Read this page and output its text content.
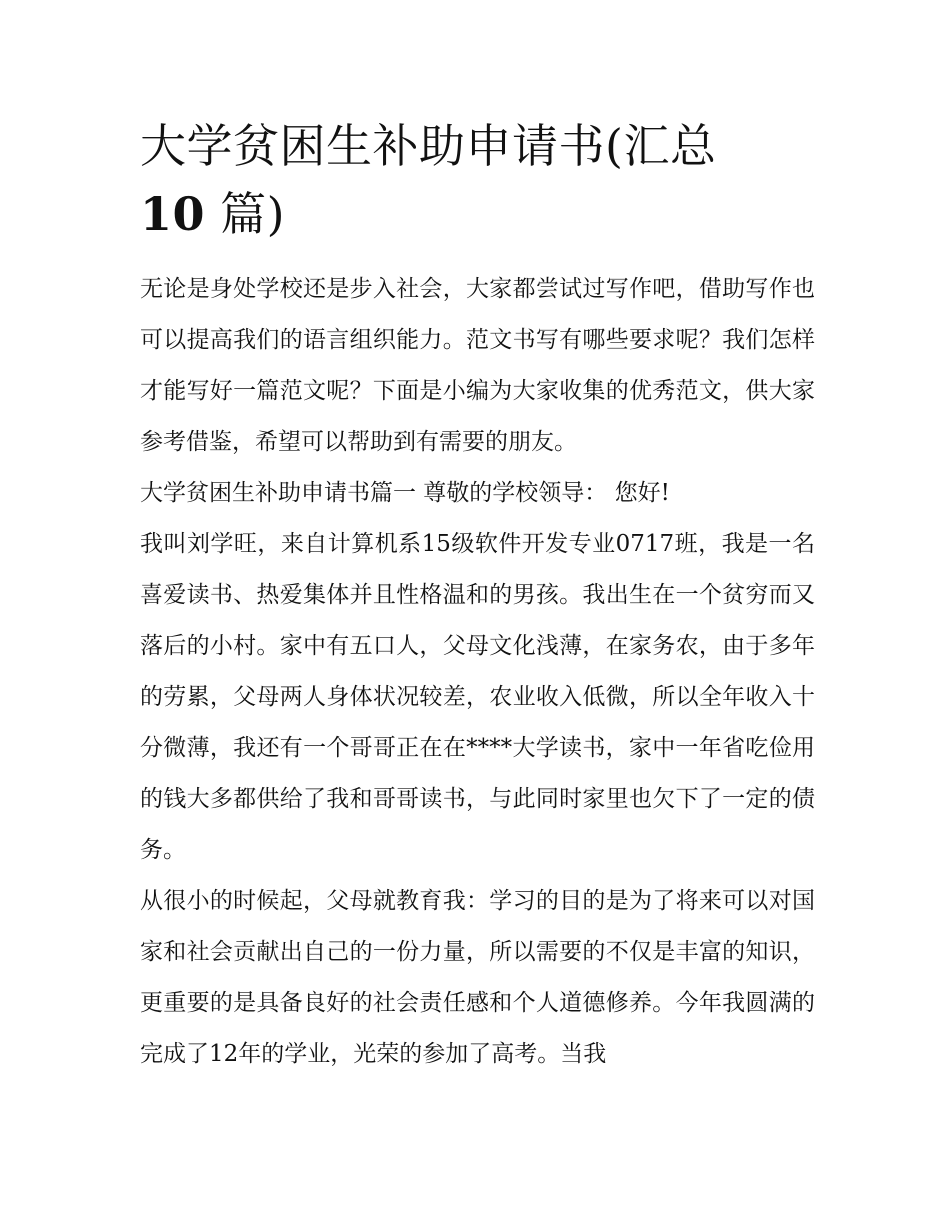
大学贫困生补助申请书(汇总
10 篇)

无论是身处学校还是步入社会，大家都尝试过写作吧，借助写作也可以提高我们的语言组织能力。范文书写有哪些要求呢？我们怎样才能写好一篇范文呢？下面是小编为大家收集的优秀范文，供大家参考借鉴，希望可以帮助到有需要的朋友。

大学贫困生补助申请书篇一 尊敬的学校领导： 您好!

我叫刘学旺，来自计算机系15级软件开发专业0717班，我是一名喜爱读书、热爱集体并且性格温和的男孩。我出生在一个贫穷而又落后的小村。家中有五口人，父母文化浅薄，在家务农，由于多年的劳累，父母两人身体状况较差，农业收入低微，所以全年收入十分微薄，我还有一个哥哥正在在****大学读书，家中一年省吃俭用的钱大多都供给了我和哥哥读书，与此同时家里也欠下了一定的债务。

从很小的时候起，父母就教育我：学习的目的是为了将来可以对国家和社会贡献出自己的一份力量，所以需要的不仅是丰富的知识，更重要的是具备良好的社会责任感和个人道德修养。今年我圆满的完成了12年的学业，光荣的参加了高考。当我
